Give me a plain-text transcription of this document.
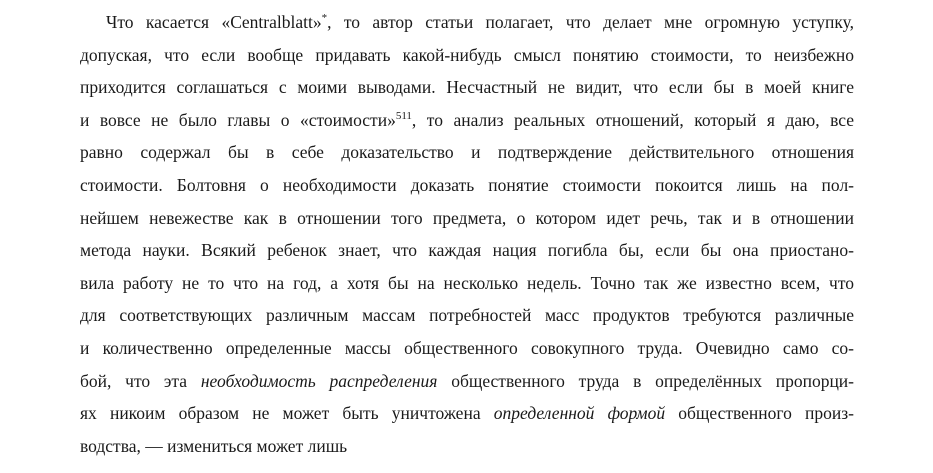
Что касается «Centralblatt»*, то автор статьи полагает, что делает мне огромную уступку,
допуская, что если вообще придавать какой-нибудь смысл понятию стоимости, то неизбежно
приходится соглашаться с моими выводами. Несчастный не видит, что если бы в моей книге
и вовсе не было главы о «стоимости»$^{511}$, то анализ реальных отношений, который я даю, все
равно содержал бы в себе доказательство и подтверждение действительного отношения
стоимости. Болтовня о необходимости доказать понятие стоимости покоится лишь на пол-
нейшем невежестве как в отношении того предмета, о котором идет речь, так и в отношении
метода науки. Всякий ребенок знает, что каждая нация погибла бы, если бы она приостано-
вила работу не то что на год, а хотя бы на несколько недель. Точно так же известно всем, что
для соответствующих различным массам потребностей масс продуктов требуются различные
и количественно определенные массы общественного совокупного труда. Очевидно само со-
бой, что эта необходимость распределения общественного труда в определённых пропорци-
ях никоим образом не может быть уничтожена определенной формой общественного произ-
водства, — измениться может лишь
